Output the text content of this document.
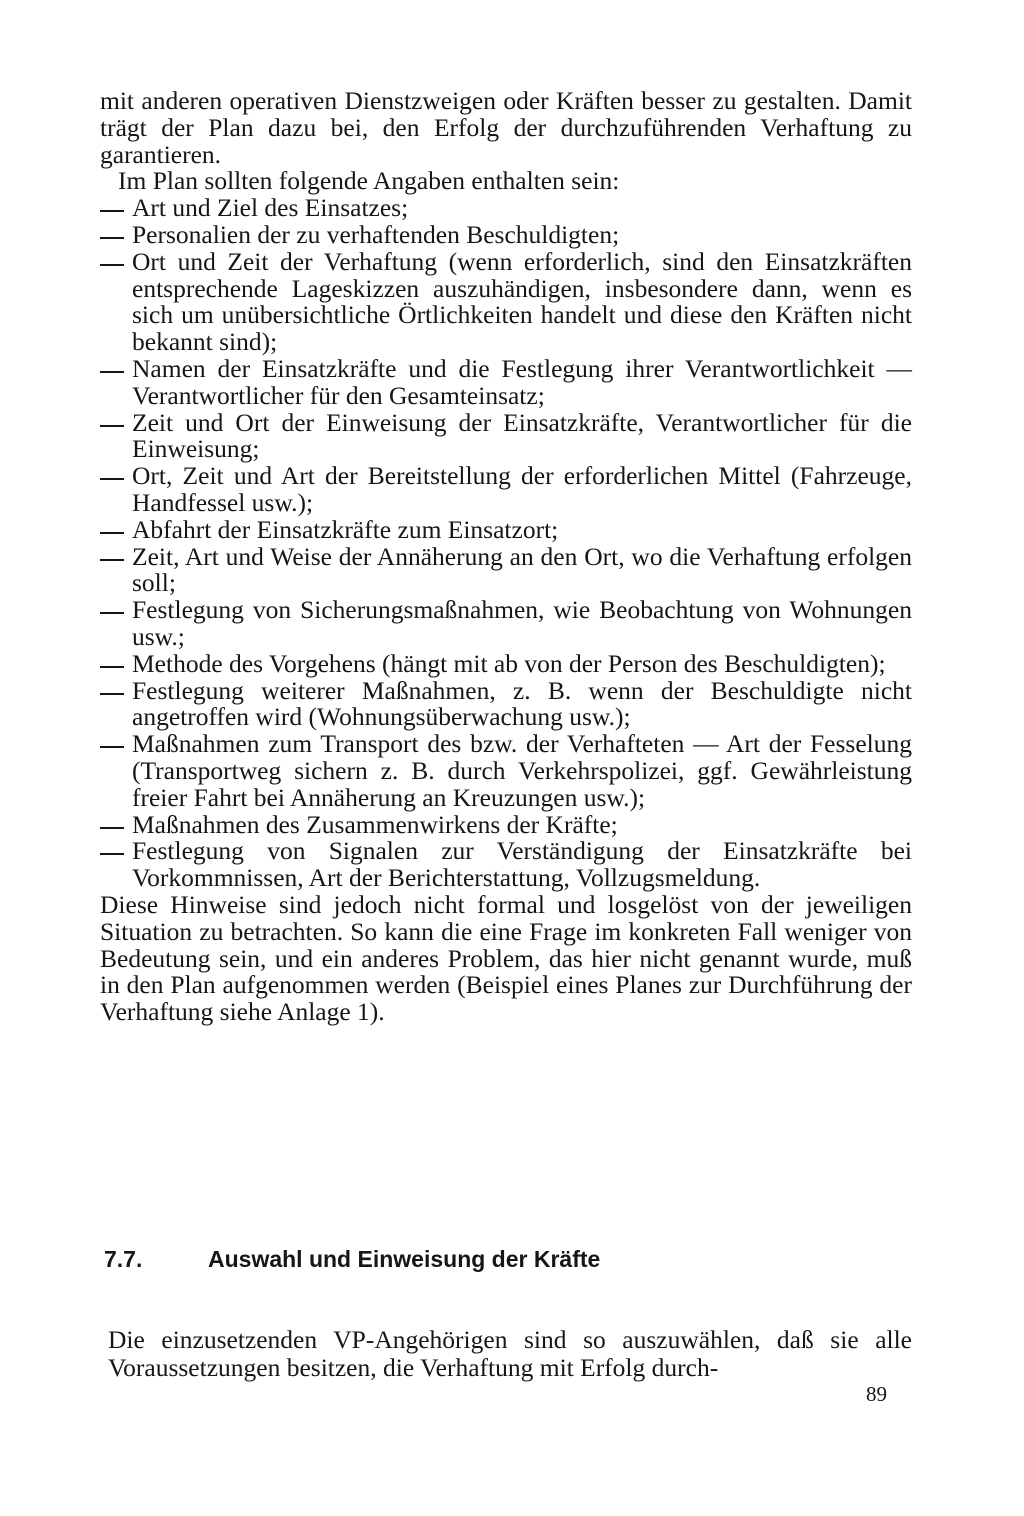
mit anderen operativen Dienstzweigen oder Kräften besser zu gestalten. Damit trägt der Plan dazu bei, den Erfolg der durchzuführenden Verhaftung zu garantieren.

Im Plan sollten folgende Angaben enthalten sein:

Art und Ziel des Einsatzes;
Personalien der zu verhaftenden Beschuldigten;
Ort und Zeit der Verhaftung (wenn erforderlich, sind den Einsatzkräften entsprechende Lageskizzen auszuhändigen, insbesondere dann, wenn es sich um unübersichtliche Örtlichkeiten handelt und diese den Kräften nicht bekannt sind);
Namen der Einsatzkräfte und die Festlegung ihrer Verantwortlichkeit — Verantwortlicher für den Gesamteinsatz;
Zeit und Ort der Einweisung der Einsatzkräfte, Verantwortlicher für die Einweisung;
Ort, Zeit und Art der Bereitstellung der erforderlichen Mittel (Fahrzeuge, Handfessel usw.);
Abfahrt der Einsatzkräfte zum Einsatzort;
Zeit, Art und Weise der Annäherung an den Ort, wo die Verhaftung erfolgen soll;
Festlegung von Sicherungsmaßnahmen, wie Beobachtung von Wohnungen usw.;
Methode des Vorgehens (hängt mit ab von der Person des Beschuldigten);
Festlegung weiterer Maßnahmen, z. B. wenn der Beschuldigte nicht angetroffen wird (Wohnungsüberwachung usw.);
Maßnahmen zum Transport des bzw. der Verhafteten — Art der Fesselung (Transportweg sichern z. B. durch Verkehrspolizei, ggf. Gewährleistung freier Fahrt bei Annäherung an Kreuzungen usw.);
Maßnahmen des Zusammenwirkens der Kräfte;
Festlegung von Signalen zur Verständigung der Einsatzkräfte bei Vorkommnissen, Art der Berichterstattung, Vollzugsmeldung.

Diese Hinweise sind jedoch nicht formal und losgelöst von der jeweiligen Situation zu betrachten. So kann die eine Frage im konkreten Fall weniger von Bedeutung sein, und ein anderes Problem, das hier nicht genannt wurde, muß in den Plan aufgenommen werden (Beispiel eines Planes zur Durchführung der Verhaftung siehe Anlage 1).

7.7.	Auswahl und Einweisung der Kräfte

Die einzusetzenden VP-Angehörigen sind so auszuwählen, daß sie alle Voraussetzungen besitzen, die Verhaftung mit Erfolg durch-

89
